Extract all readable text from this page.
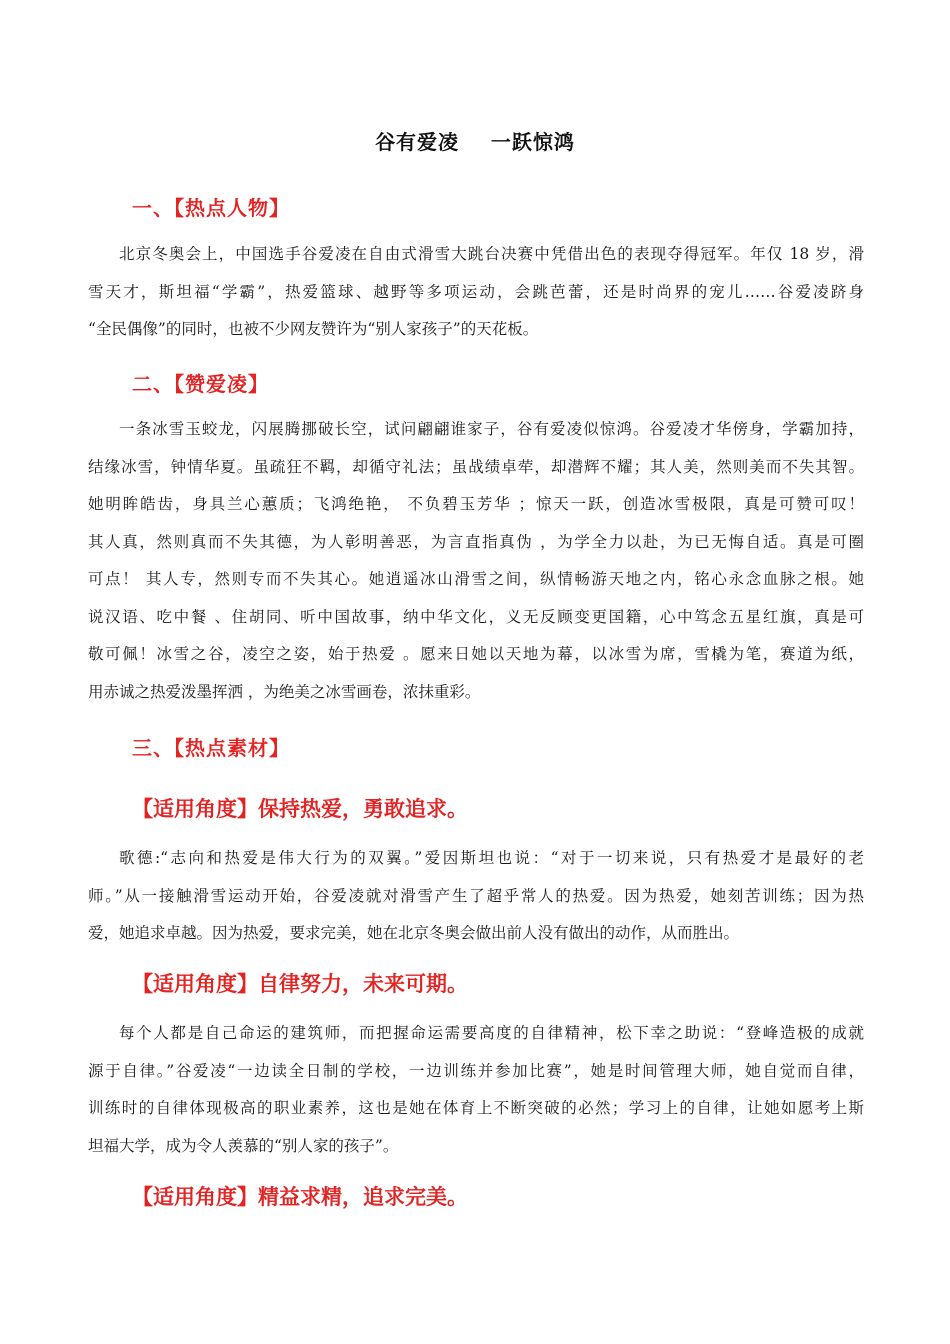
谷有爱凌    一跃惊鸿
一、【热点人物】
北京冬奥会上，中国选手谷爱凌在自由式滑雪大跳台决赛中凭借出色的表现夺得冠军。年仅 18 岁，滑
雪天才，斯坦福“学霸”，热爱篮球、越野等多项运动，会跳芭蕾，还是时尚界的宠儿……谷爱凌跻身
“全民偶像”的同时，也被不少网友赞许为“别人家孩子”的天花板。
二、【赞爱凌】
一条冰雪玉蛟龙，闪展腾挪破长空，试问翩翩谁家子，谷有爱凌似惊鸿。谷爱凌才华傍身，学霸加持，
结缘冰雪，钟情华夏。虽疏狂不羁，却循守礼法；虽战绩卓荦，却潜辉不耀；其人美，然则美而不失其智。
她明眸皓齿，身具兰心蕙质；飞鸿绝艳， 不负碧玉芳华 ；惊天一跃，创造冰雪极限，真是可赞可叹！
其人真，然则真而不失其德，为人彰明善恶，为言直指真伪 ，为学全力以赴，为已无悔自适。真是可圈
可点！ 其人专，然则专而不失其心。她逍遥冰山滑雪之间，纵情畅游天地之内，铭心永念血脉之根。她
说汉语、吃中餐 、住胡同、听中国故事，纳中华文化，义无反顾变更国籍，心中笃念五星红旗，真是可
敬可佩！冰雪之谷，凌空之姿，始于热爱 。愿来日她以天地为幕，以冰雪为席，雪橇为笔，赛道为纸，
用赤诚之热爱泼墨挥洒 ，为绝美之冰雪画卷，浓抹重彩。
三、【热点素材】
【适用角度】保持热爱，勇敢追求。
歌德:“志向和热爱是伟大行为的双翼。”爱因斯坦也说：“对于一切来说，只有热爱才是最好的老
师。”从一接触滑雪运动开始，谷爱凌就对滑雪产生了超乎常人的热爱。因为热爱，她刻苦训练；因为热
爱，她追求卓越。因为热爱，要求完美，她在北京冬奥会做出前人没有做出的动作，从而胜出。
【适用角度】自律努力，未来可期。
每个人都是自己命运的建筑师，而把握命运需要高度的自律精神，松下幸之助说：“登峰造极的成就
源于自律。”谷爱凌“一边读全日制的学校，一边训练并参加比赛”，她是时间管理大师，她自觉而自律，
训练时的自律体现极高的职业素养，这也是她在体育上不断突破的必然；学习上的自律，让她如愿考上斯
坦福大学，成为令人羡慕的“别人家的孩子”。
【适用角度】精益求精，追求完美。
